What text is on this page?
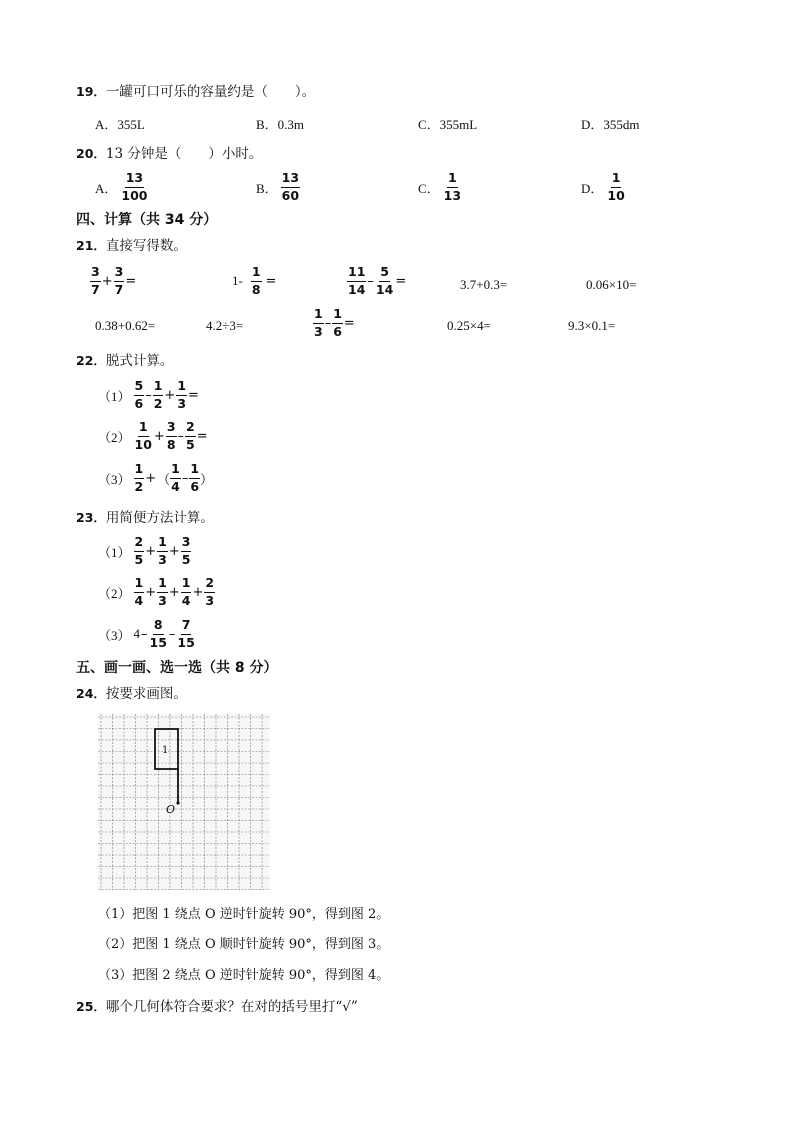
19．一罐可口可乐的容量约是（　　）。
A．355L	B．0.3m	C．355mL	D．355dm
20．13 分钟是（　　）小时。
A． $\frac{13}{100}$	B． $\frac{13}{60}$	C． $\frac{1}{13}$	D． $\frac{1}{10}$
四、计算（共 34 分）
21．直接写得数。
$\frac{3}{7} + \frac{3}{7}$ =	$1- \frac{1}{8}$ =	$\frac{11}{14} - \frac{5}{14}$ =	3.7+0.3=	0.06×10=
0.38+0.62=	4.2÷3=	$\frac{1}{3} - \frac{1}{6}$ =	0.25×4=	9.3×0.1=
22．脱式计算。
$(1) \frac{5}{6} - \frac{1}{2} + \frac{1}{3}$ =
$(2) \frac{1}{10} + \frac{3}{8} - \frac{2}{5}$ =
$(3) \frac{1}{2}$ + （ $\frac{1}{4} - \frac{1}{6}$ ）
23．用简便方法计算。
$(1) \frac{2}{5} + \frac{1}{3} + \frac{3}{5}$
$(2) \frac{1}{4} + \frac{1}{3} + \frac{1}{4} + \frac{2}{3}$
（3） $4 - \frac{8}{15} - \frac{7}{15}$
五、画一画、选一选（共 8 分）
24．按要求画图。
1
O
（1）把图 1 绕点 O 逆时针旋转 90°，得到图 2。
（2）把图 1 绕点 O 顺时针旋转 90°，得到图 3。
（3）把图 2 绕点 O 逆时针旋转 90°，得到图 4。
25．哪个几何体符合要求？在对的括号里打“√”
